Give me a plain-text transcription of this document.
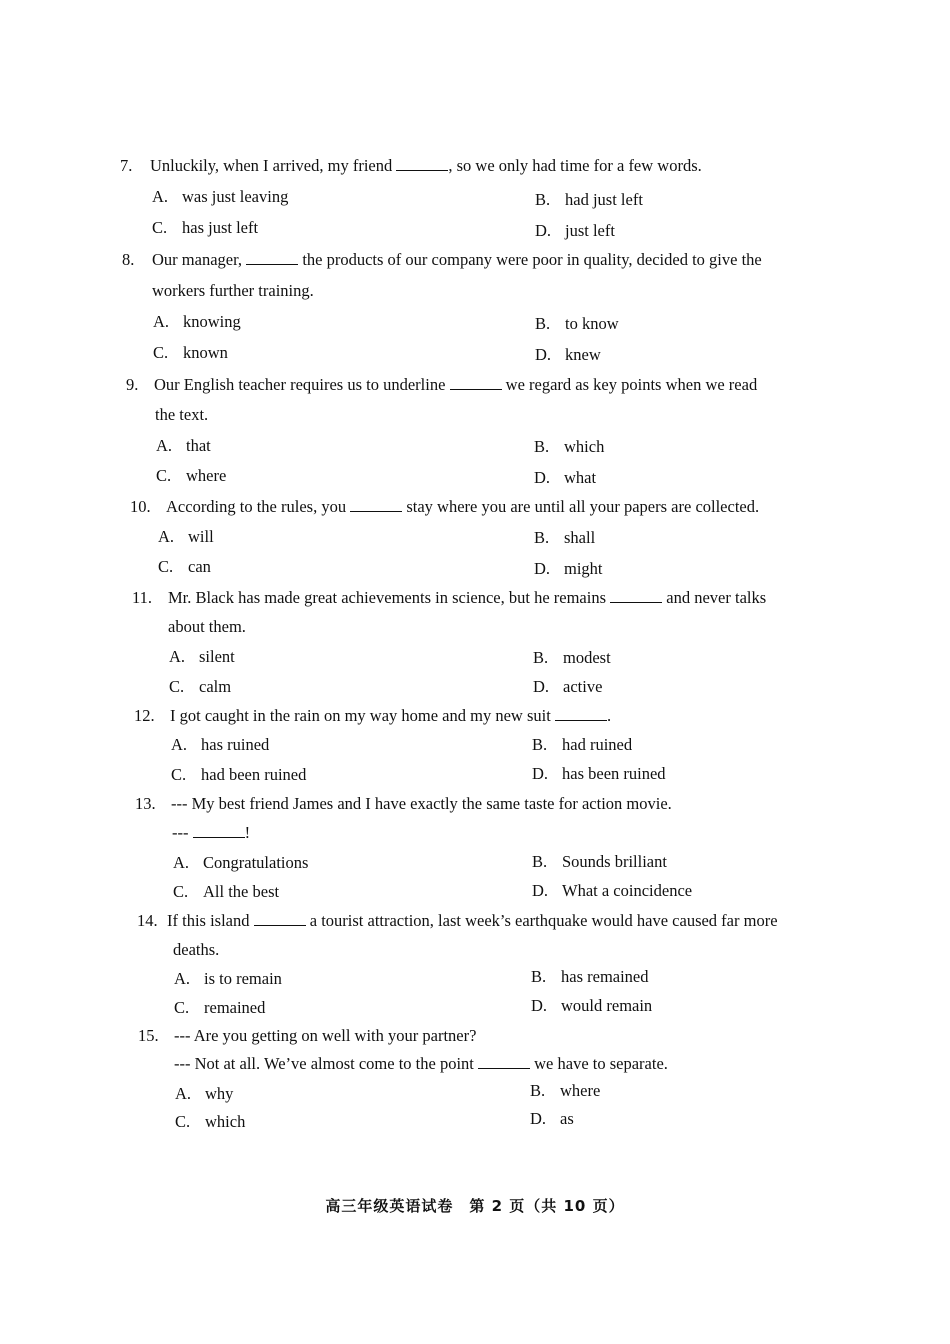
7. Unluckily, when I arrived, my friend	, so we only had time for a few words.
A. was just leaving	B. had just left
C. has just left	D. just left
8. Our manager,	the products of our company were poor in quality, decided to give the
workers further training.
A. knowing	B. to know
C. known	D. knew
9. Our English teacher requires us to underline	we regard as key points when we read
the text.
A. that	B. which
C. where	D. what
10. According to the rules, you	stay where you are until all your papers are collected.
A. will	B. shall
C. can	D. might
11. Mr. Black has made great achievements in science, but he remains	and never talks
about them.
A. silent	B. modest
C. calm	D. active
12. I got caught in the rain on my way home and my new suit	.
A. has ruined	B. had ruined
C. had been ruined	D. has been ruined
13. --- My best friend James and I have exactly the same taste for action movie.
---	!
A. Congratulations	B. Sounds brilliant
C. All the best	D. What a coincidence
14. If this island	a tourist attraction, last week’s earthquake would have caused far more
deaths.
A. is to remain	B. has remained
C. remained	D. would remain
15. --- Are you getting on well with your partner?
--- Not at all. We’ve almost come to the point	we have to separate.
A. why	B. where
C. which	D. as
高三年级英语试卷　第 2 页（共 10 页）
